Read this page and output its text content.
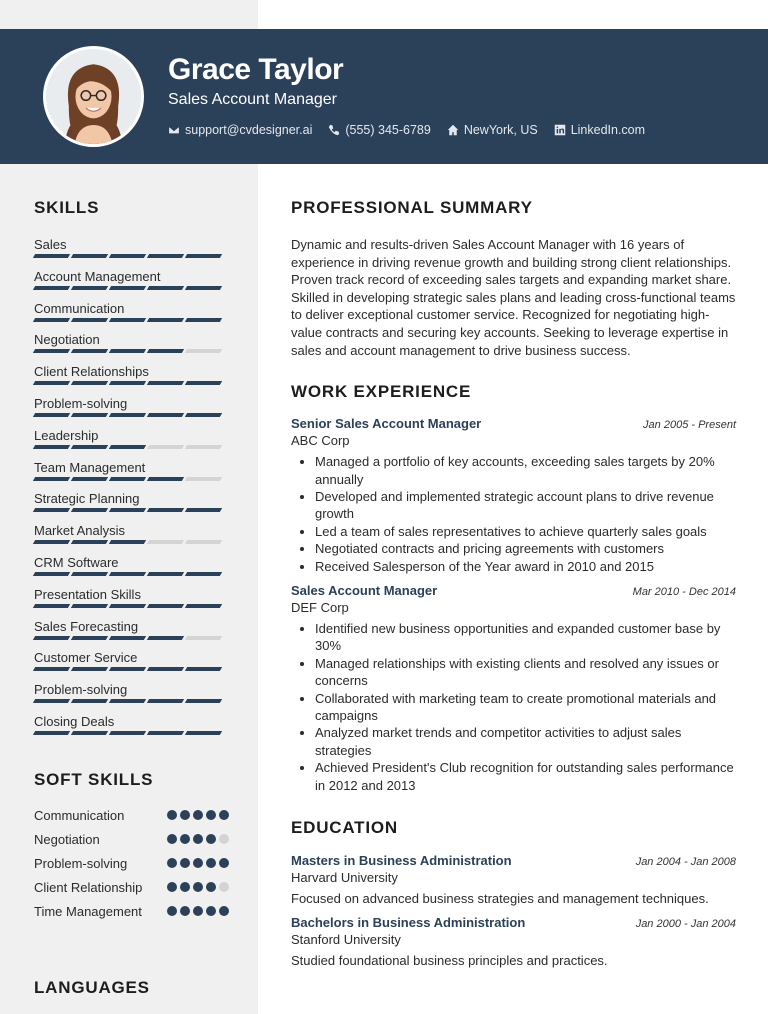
Grace Taylor
Sales Account Manager
support@cvdesigner.ai	(555) 345-6789	NewYork, US	LinkedIn.com
SKILLS
Sales
Account Management
Communication
Negotiation
Client Relationships
Problem-solving
Leadership
Team Management
Strategic Planning
Market Analysis
CRM Software
Presentation Skills
Sales Forecasting
Customer Service
Problem-solving
Closing Deals
SOFT SKILLS
Communication
Negotiation
Problem-solving
Client Relationship
Time Management
LANGUAGES
PROFESSIONAL SUMMARY

Dynamic and results-driven Sales Account Manager with 16 years of experience in driving revenue growth and building strong client relationships. Proven track record of exceeding sales targets and expanding market share. Skilled in developing strategic sales plans and leading cross-functional teams to deliver exceptional customer service. Recognized for negotiating high-value contracts and securing key accounts. Seeking to leverage expertise in sales and account management to drive business success.

WORK EXPERIENCE
Senior Sales Account Manager	Jan 2005 - Present
ABC Corp
• Managed a portfolio of key accounts, exceeding sales targets by 20% annually
• Developed and implemented strategic account plans to drive revenue growth
• Led a team of sales representatives to achieve quarterly sales goals
• Negotiated contracts and pricing agreements with customers
• Received Salesperson of the Year award in 2010 and 2015
Sales Account Manager	Mar 2010 - Dec 2014
DEF Corp
• Identified new business opportunities and expanded customer base by 30%
• Managed relationships with existing clients and resolved any issues or concerns
• Collaborated with marketing team to create promotional materials and campaigns
• Analyzed market trends and competitor activities to adjust sales strategies
• Achieved President's Club recognition for outstanding sales performance in 2012 and 2013
EDUCATION
Masters in Business Administration	Jan 2004 - Jan 2008
Harvard University
Focused on advanced business strategies and management techniques.
Bachelors in Business Administration	Jan 2000 - Jan 2004
Stanford University
Studied foundational business principles and practices.
